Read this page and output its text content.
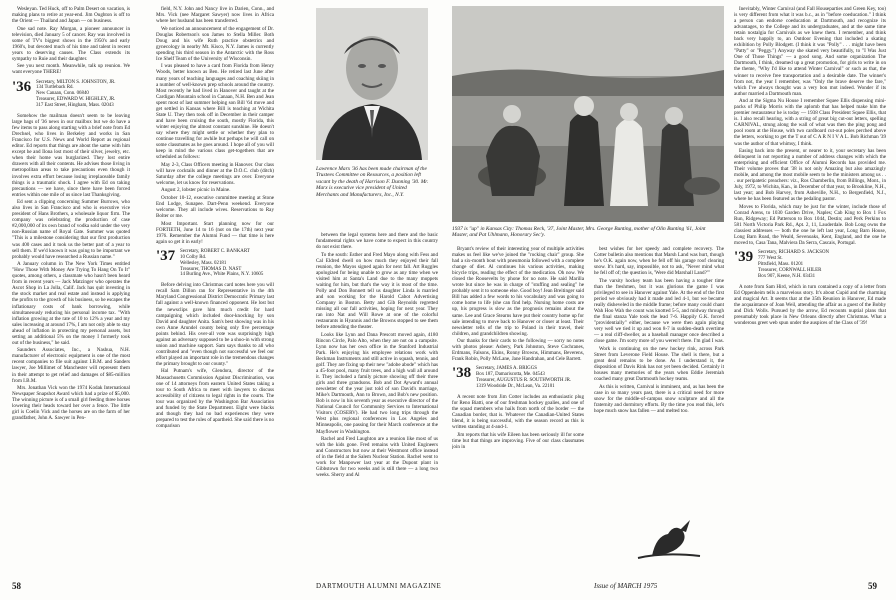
Wesleyan. Ted Huck, off to Palm Desert on vacation, is making plans to retire at year-end. Jim Oughton is off to the Orient — Thailand and Japan — on business.

One sad note. Ray Morgan, a pioneer announcer in television, died January 5 of cancer. Ray was involved in some of TV's biggest shows in the 1950's and early 1960's, but devoted much of his time and talent in recent years to deserving causes. The Class extends its sympathy to Ruie and their daughter.

See you next month. Meanwhile, talk up reunion. We want everyone THERE!

'36 Secretary, MILTON S. JOHNSTON, JR.
134 Turtleback Rd.
New Canaan, Conn. 06840
Treasurer, EDWARD W. HIGHLEY, JR.
317 East Street, Hingham, Mass. 02043

Somehow the mailman doesn't seem to be leaving large bags of '36 news in our mailbox but we do have a few items to pass along starting with a brief note from Ed Drechsel, who lives in Berkeley and works in San Francisco for U.S. News and World Report as regional editor. Ed reports that things are about the same with him except he and Ilona lost most of their silver, jewelry, etc. when their home was burglarized. They lost entire drawers with all their contents. He advises those living in metropolitan areas to take precautions even though it involves extra effort because losing irreplaceable family things is a traumatic shock. I agree with Ed on taking precautions — we have, since there have been forced entries within one mile of us since last Thanksgiving.

Ed sent a clipping concerning Summer Burrows, who also lives in San Francisco and who is executive vice president of Hans Brothers, a wholesale liquor firm. The company was celebrating the production of case #2,000,000 of its own brand of vodka sold under the very non-Russian name of Royal Gate. Summer was quoted "This is a milestone considering that our first production was 400 cases and it took us the better part of a year to sell them. If we'd known it was going to be important we probably would have researched a Russian name."

A January column in The New York Times entitled "How Those With Money Are Trying To Hang On To It" quotes, among others, a classmate who hasn't been heard from in recent years — Jack Matzinger who operates the Ascot Shop in La Jolla, Calif. Jack has quit investing in the stock market and real estate and instead is applying the profits to the growth of his business, so he escapes the inflationary costs of bank borrowing, while simultaneously reducing his personal income tax. "With inflation growing at the rate of 10 to 12% a year and my sales increasing at around 17%, I am not only able to stay ahead of inflation in protecting my personal assets, but setting an additional 5% on the money I formerly took out of the business," he said.

Saunders Associates, Inc., a Nashua, N.H. manufacturer of electronic equipment is one of the most recent companies to file suit against I.B.M. and Sanders lawyer, Joe Millimet of Manchester will represent them in their attempt to get relief and damages of $85-million from I.B.M.

Mrs. Jonathan Vick won the 1974 Kodak International Newspaper Snapshot Award which had a prize of $5,000. The winning picture is of a small girl feeding three horses lowering their heads toward her over a fence. The little girl is Coelin Vick and the horses are on the farm of her grandfather, John A. Sawyer in Pen-

field, N.Y. John and Nancy live in Darien, Conn., and Mrs. Vick (nee Margaret Sawyer) now lives in Africa where her husband has been transferred.

We noticed an announcement of the engagement of Dr. Douglas Robertson's son James to Stella Miller. Both Doug and his wife Ruth practice obstetrics and gynecology in nearby Mt. Kisco, N.Y. James is currently spending his third season in the Antarctic with the Ross Ice Shelf Team of the University of Wisconsin.

I was pleased to have a card from Florida from Henry Woods, better known as Ben. He retired last June after many years of teaching languages and coaching skiing in a number of well-known prep schools around the country. Most recently he had lived in Hanover and taught at the Cardigan Mountain school in Canaan, N.H. Ben and Jean spent most of last summer helping son Bill '64 move and get settled in Kansas where Bill is teaching at Wichita State U. They then took off in December in their camper and have been cruising the south, mostly Florida, this winter enjoying the almost constant sunshine. He doesn't say where they might settle or whether they plan to continue travelling for awhile but perhaps he will call on some classmates as he goes around. I hope all of you will keep in mind the various class get-togethers that are scheduled as follows:

May 2-3, Class Officers meeting in Hanover. Our class will have cocktails and dinner at the D.O.C. club (ditch) Saturday after the college meetings are over. Everyone welcome, let us know for reservations.

August 2, lobster picnic in Maine.

October 10-12, executive committee meeting at Stone End Lodge, Sunapee. Dart-Penn weekend. Everyone welcome. They all include wives. Reservations to Ray Bolter or me.

Most Important. Start planning now for our FORTIETH, June 14 to 16 (not on the 17th) next year 1976. Remember the Alumni Fund — that time is here again so get it in early!

'37 Secretary, ROBERT C. BANKART
10 Colby Rd.
Wellesley, Mass. 02181
Treasurer, THOMAS D. NAST
14 Burling Ave., White Plains, N.Y. 10605

Before delving into Christmas card notes here you will recall Sam Dillon ran for Representative in the 4th Maryland Congressional District Democratic Primary last fall against a well-known financed opponent. He lost but the newsclips gave him much credit for hard campaigning which included door-knocking by son David and daughter Anita. Sam's best showing was in his own Anne Arundel county being only five percentage points behind. His over-all vote was surprisingly high against an adversary supposed to be a shoo-in with strong union and machine support. Sam says thanks to all who contributed and "even though not successful we feel our effort played an important role in the tremendous changes the primary brought to our county."

Hal Putnam's wife, Glendora, director of the Massachusetts Commission Against Discrimination, was one of 14 attorneys from eastern United States taking a tour to South Africa to meet with lawyers to discuss accessibility of citizens to legal rights in the courts. The tour was organized by the Washington Bar Association and funded by the State Department. Eight were blacks and though they had no bad experiences they were prepared to test the rules of apartheid. She said there is no comparison

Lawrence Marx '36 has been made chairman of the Trustees Committee on Resources, a position left vacant by the death of Harrison F. Dunning '30. Mr. Marx is executive vice president of United Merchants and Manufacturers, Inc., N.Y.

between the legal systems here and there and the basic fundamental rights we have come to expect in this country do not exist there.

To the south: Esther and Fred Mayo along with Fess and Cal Eldred dwell on how much they enjoyed their fall reunion, the Mayos signed again for next fall. Art Ruggles apologized for being unable to grow as any time when we visited him at Santa's Land due to the many moppets waiting for him, but that's the way it is most of the time. Polly and Don Bonnett tell us daughter Linda is married and son working for the Harold Cabot Advertising Company in Boston. Betty and Gib Reynolds regretted missing all our fall activities, hoping for next year. They ran into Nat and Will Rowe at one of the colorful restaurants in Hyannis and the Browns stopped to see them before attending the theater.

Looks like Lynn and Dana Prescott moved again, 4180 Rincon Circle, Palo Alto, when they are not on a campsite. Lynn now has her own office in the Stanford Industrial Park. He's enjoying his employee relations work with Beckman Instruments and still active in squash, tennis, and golf. They are fixing up their new "adobe abode" which has a 45-foot pool, many fruit trees, and a high wall all around it. They included a family picture showing off their three girls and three grandsons. Bob and Dot Ayward's annual newsletter of the year just told of son David's marriage, Mike's Dartmouth, Ann to Brown, and Bob's new position. Bob is now in his seventh year as executive director of the National Council for Community Services to International Visitors (COSERV). He had two long trips through the West plus regional conferences in Los Angeles and Minneapolis, one passing for their March conference at the Mayflower in Washington.

Rachel and Fred Laughton are a reunion like most of us with the kids gone. Fred remains with United Engineers and Constructors but now at their Westmont office instead of in the field at the Salem Nuclear Station. Rachel went to work for Manpower last year at the Dupont plant in Gibbstown for two weeks and is still there — a long two weeks. Sherry and Al

58	DARTMOUTH ALUMNI MAGAZINE
1937 is "up" in Kansas City: Thomas Reck, '37, Joint Master, Mrs. George Bunting, mother of Olin Bunting '61, Joint Master, and Pat Uhlmann, Honorary Sec'y.

Bryant's review of their interesting year of multiple activities makes us feel like we've joined the "rocking chair" group. She had a six-month bout with pneumonia followed with a complete change of diet. Al continues his various activities, making bicycle trips, reading the effect of the medication. Oh now. We closed the Roosevelts by phone for no note. He said Marilla wrote but since he was in charge of "stuffing and sealing" he probably sent it to someone else. Good boy! Jean Breitinger said Bill has added a few words to his vocabulary and was going to come home to life (she can find help. Nursing home costs are up, his progress is slow as the prognosis remains about the same. Lee and Grace Stearns have put their country home up for sale intending to move back to Hanover or closer at least. Their newsletter tells of the trip to Poland in their travel, their children, and grandchildren showing.

Our thanks for their cards to the following — sorry no notes with photos please: Asbery, Park Johnston, Steve Cochranes, Erdmans, Falsons, Ekins, Ronny Browns, Himmans, Beverens, Frank Robin, Polly McLane, Jane Handrahan, and Cele Barrett.

'38 Secretary, JAMES A. BRIGGS
Box 187, Damariscotta, Me. 04543
Treasurer, AUGUSTUS R. SOUTHWORTH JR.
1319 Woodside Dr., McLean, Va. 22101

A recent note from Jim Cotter includes an enthusiastic plug for Reno Biatti, one of our freshman hockey goalies, and one of the squad members who hails from north of the border — the Canadian border, that is. Whatever the Canadian-United States blend, it is being successful, with the season record as this is written standing at 4-and-1.

Jim reports that his wife Eileen has been seriously ill for some time but that things are improving. Five of our class classmates join in

best wishes for her speedy and complete recovery. The Cotter bulletin also mentions that Marsh Land was hurt, though he's O.K. again now, when he fell off his garage roof clearing snow. It's hard, say, impossible, not to ask, "Never mind what he fell off of; the question is, 'Were did Marshall Land?'"

The varsity hockey team has been having a tougher time than the freshmen, but it was glorious the game I was privileged to see in Hanover against Yale. At the end of the first period we obviously had it made and led 4-1, but we became really disheveled in the middle frame; before many could chant Wah Hoo Wah the count was knotted 5-5, and midway through the final stanza Yale took the lead 7-6. Happily G.K. forced "providentially" either, because we were then again playing very well we tied it up and won 8-7 in sudden-death overtime — a real cliff-dweller, as a baseball manager once described a close game. I'm sorry more of you weren't there. I'm glad I was.

Work is continuing on the new hockey rink, across Park Street from Leverone Field House. The shell is there, but a great deal remains to be done. As I understand it, the disposition of Davis Rink has not yet been decided. Certainly it houses many memories of the years when Eddie Jeremiah coached many great Dartmouth hockey teams.

As this is written, Carnival is imminent, and, as has been the case in so many years past, there is a critical need for more snow for the middle-of-campus snow sculpture and all the fraternity and dormitory efforts. By the time you read this, let's hope much snow has fallen — and melted too.

Inevitably, Winter Carnival (and Fall Houseparties and Green Key, too) is very different from what it was b.c., as in "before coeducation." I think a person can endorse coeducation at Dartmouth, and recognize its advantages, to the College and its undergraduates, and at the same time retain nostalgia for Carnivals as we knew them. I remember, and think back very happily to, an Outdoor Evening that included a skating exhibition by Polly Blodgett. (I think it was "Polly" . . . might have been "Patty" or "Peggy.") Anyway she skated very beautifully, to "I Was Just One of Those Things" — a good song. And some organization The Dartmouth, I think, dreamed up a great promotion, for girls to write in on the theme, "Why I'd like to attend Winter Carnival" or such as that, the winner to receive free transportation and a desirable date. The winner's from not, the year I remember, was "Only the brave deserve the fare," which I've always thought was a very bon mot indeed. Wonder if its author married a Dartmouth man.

And at the Sigma Nu House I remember Squee Ellis dispensing mini-packs of Philip Morris with the aplomb that has helped make him the premier restaurateur he is today — 1938 Class President Squee Ellis, that is. I also recall hearing, with a string of great big cut-out letters, spelling CARNIVAL, strung along the wall of what was then the ping pong and pool room at the House, with two cardboard cut-out poles perched above the letters, working to get the T out of C A R N I V A L. Bob Richman '39 was the author of that whimsy, I think.

Easing back into the present, or nearer to it, your secretary has been delinquent in not reporting a number of address changes with which the enterprising and efficient Office of Alumni Records has provided me. Their volume proves that '38 is not only Amazing but also amazingly mobile, and among the most mobile seem to be the ministers among us . . . our peripatetic preachers: viz., Ros Chamberlin, from Billings, Mont., in July, 1972, to Wichita, Kan., in December of that year, to Brookline, N.H., last year; and Bob Harvey, from Asheville, N.H., to Bergenfield, N.J., where he has been featured as the pedaling pastor.

Moves to Florida, which may be just for the winter, include those of Conrad Arens, to 1030 Garden Drive, Naples; Cab King to Box 1 Fox Run, Ridgeway; Ed Patterson to Box 1044, Destin; and Perk Perkins to 581 North Victoria Park Rd., Apt. 2, 11, Lauderdale. Bob Long owns the classiest addresses — both the one he left last year, Long Barn House, Long Barn Road, the Weald, Sevenoaks, Kent, England, and the one he moved to, Casa Tana, Malviera Da Serra, Cascais, Portugal.

'39 Secretary, RICHARD S. JACKSON
777 West St.
Pittsfield, Mass. 01201
Treasurer, CORNWALL HILER
Box 907, Keene, N.H. 03431

A note from Sam Hird, which in turn contained a copy of a letter from Ed Oppenheim tells a marvelous story. It's about Cupid and the charming and magical Art. It seems that at the 35th Reunion in Hanover, Ed made the acquaintance of Joan Weil, attending the affair as a guest of the Bobby and Dick Wolls. Pursued by the arrow, Ed recounts nuptial plans that presumably took place in New Orleans directly after Christmas. What a wonderous greet web spun under the auspices of the Class of '39!

Issue of MARCH 1975	59
